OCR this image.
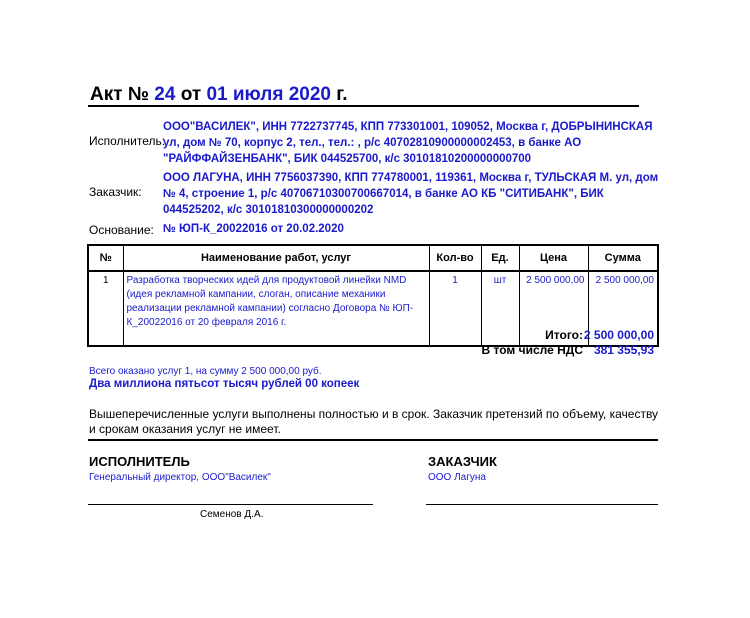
Акт № 24 от 01 июля 2020 г.
Исполнитель:
ООО"ВАСИЛЕК", ИНН 7722737745, КПП 773301001, 109052, Москва г, ДОБРЫНИНСКАЯ ул, дом № 70, корпус 2, тел., тел.: , р/с 40702810900000002453, в банке АО "РАЙФФАЙЗЕНБАНК", БИК 044525700, к/с 30101810200000000700
Заказчик:
ООО ЛАГУНА, ИНН 7756037390, КПП 774780001, 119361, Москва г, ТУЛЬСКАЯ М. ул, дом № 4, строение 1, р/с 40706710300700667014, в банке АО КБ "СИТИБАНК", БИК 044525202, к/с 30101810300000000202
Основание: № ЮП-К_20022016 от 20.02.2020
№	Наименование работ, услуг	Кол-во	Ед.	Цена	Сумма
1	Разработка творческих идей для продуктовой линейки NMD (идея рекламной кампании, слоган, описание механики реализации рекламной кампании) согласно Договора № ЮП-К_20022016 от 20 февраля 2016 г.	1	шт	2 500 000,00	2 500 000,00
Итого: 2 500 000,00
В том числе НДС 381 355,93
Всего оказано услуг 1, на сумму 2 500 000,00 руб.
Два миллиона пятьсот тысяч рублей 00 копеек
Вышеперечисленные услуги выполнены полностью и в срок. Заказчик претензий по объему, качеству и срокам оказания услуг не имеет.
ИСПОЛНИТЕЛЬ
Генеральный директор, ООО"Василек"
Семенов Д.А.
ЗАКАЗЧИК
ООО Лагуна
